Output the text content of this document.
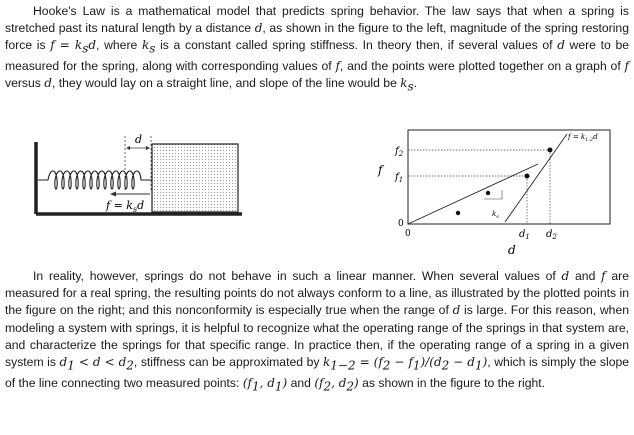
Hooke's Law is a mathematical model that predicts spring behavior. The law says that when a spring is stretched past its natural length by a distance d, as shown in the figure to the left, magnitude of the spring restoring force is $f = k_sd$, where $k_s$ is a constant called spring stiffness. In theory then, if several values of d were to be measured for the spring, along with corresponding values of f, and the points were plotted together on a graph of f versus d, they would lay on a straight line, and slope of the line would be $k_s$.

d
$f = k_sd$
f
$f_2$
$f_1$
0
0
$k_s$
$f = k_{1-2}d$
$d_1$ $d_2$
d

In reality, however, springs do not behave in such a linear manner. When several values of d and f are measured for a real spring, the resulting points do not always conform to a line, as illustrated by the plotted points in the figure on the right; and this nonconformity is especially true when the range of d is large. For this reason, when modeling a system with springs, it is helpful to recognize what the operating range of the springs in that system are, and characterize the springs for that specific range. In practice then, if the operating range of a spring in a given system is $d_1 < d < d_2$, stiffness can be approximated by $k_{1-2} = (f_2 - f_1)/(d_2 - d_1)$, which is simply the slope of the line connecting two measured points: ($f_1$, $d_1$) and ($f_2$, $d_2$) as shown in the figure to the right.
